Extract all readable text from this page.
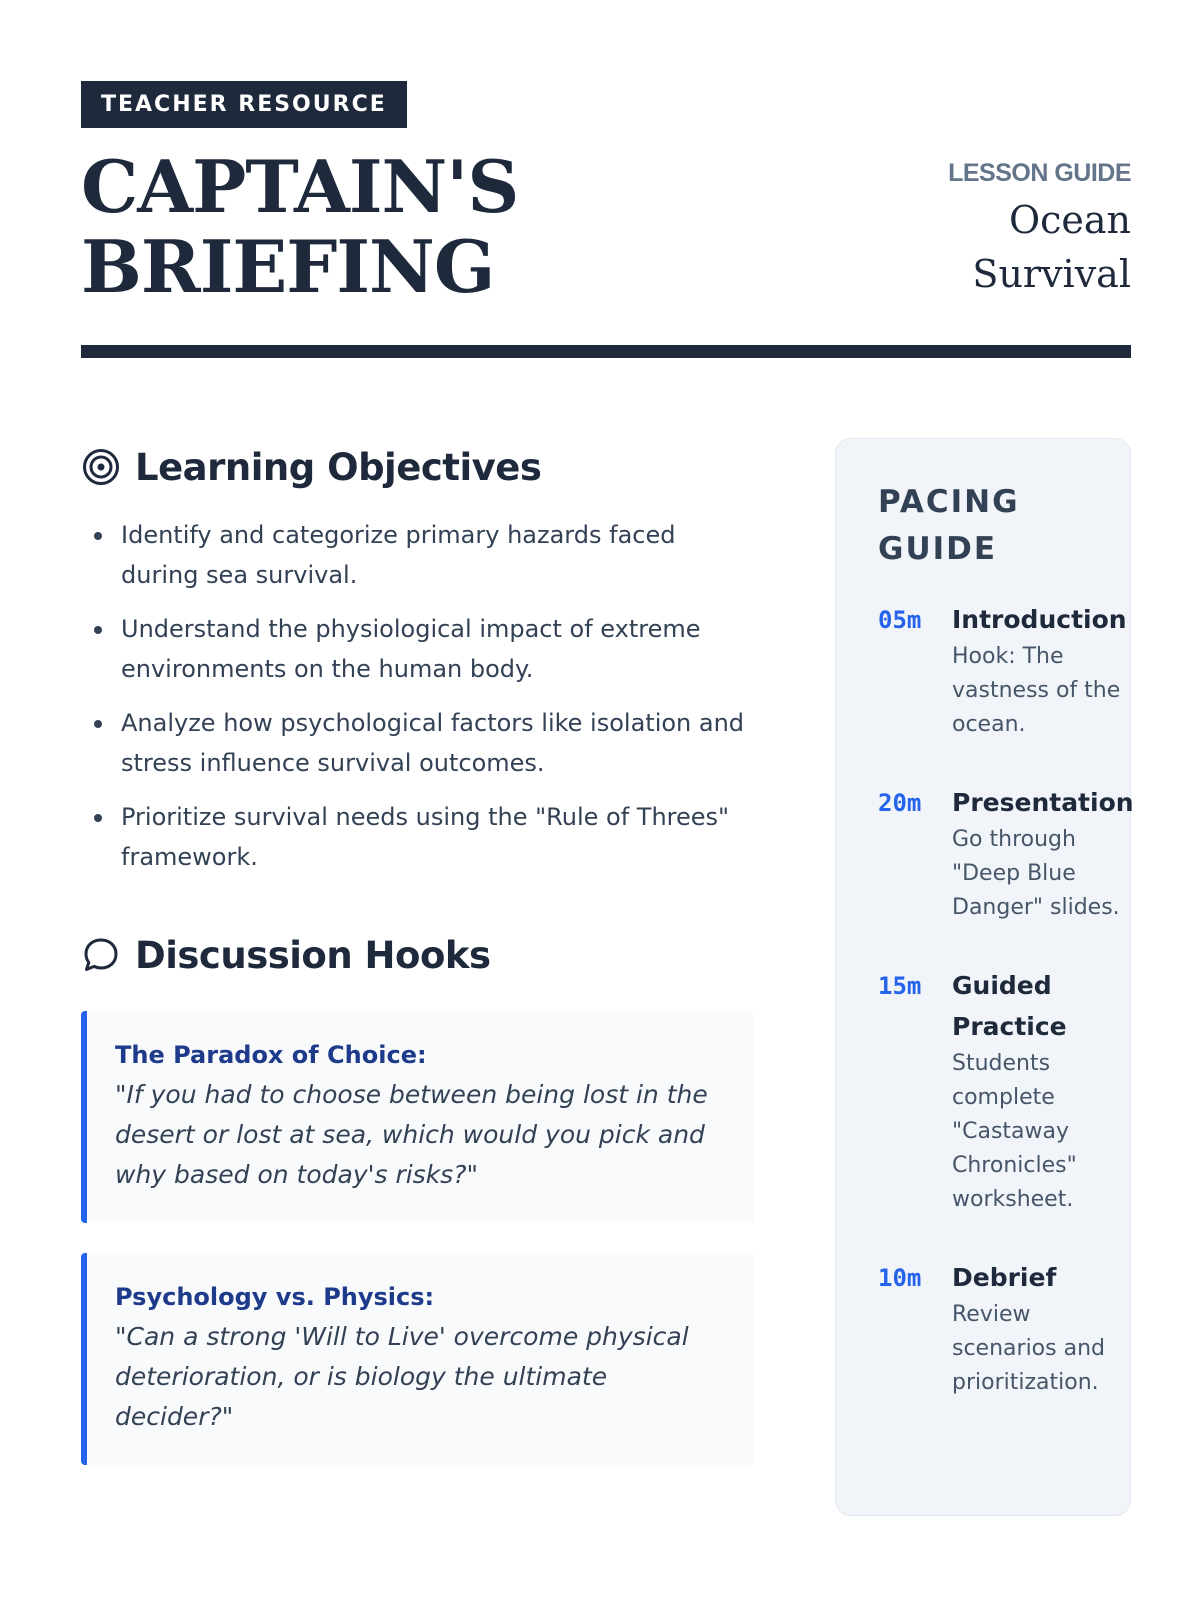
TEACHER RESOURCE
CAPTAIN'S
BRIEFING
LESSON GUIDE
Ocean
Survival
Learning Objectives
Identify and categorize primary hazards faced during sea survival.
Understand the physiological impact of extreme environments on the human body.
Analyze how psychological factors like isolation and stress influence survival outcomes.
Prioritize survival needs using the "Rule of Threes" framework.
Discussion Hooks
The Paradox of Choice:
"If you had to choose between being lost in the desert or lost at sea, which would you pick and why based on today's risks?"
Psychology vs. Physics:
"Can a strong 'Will to Live' overcome physical deterioration, or is biology the ultimate decider?"
PACING
GUIDE
05m	Introduction
Hook: The vastness of the ocean.
20m	Presentation
Go through "Deep Blue Danger" slides.
15m	Guided Practice
Students complete "Castaway Chronicles" worksheet.
10m	Debrief
Review scenarios and prioritization.
